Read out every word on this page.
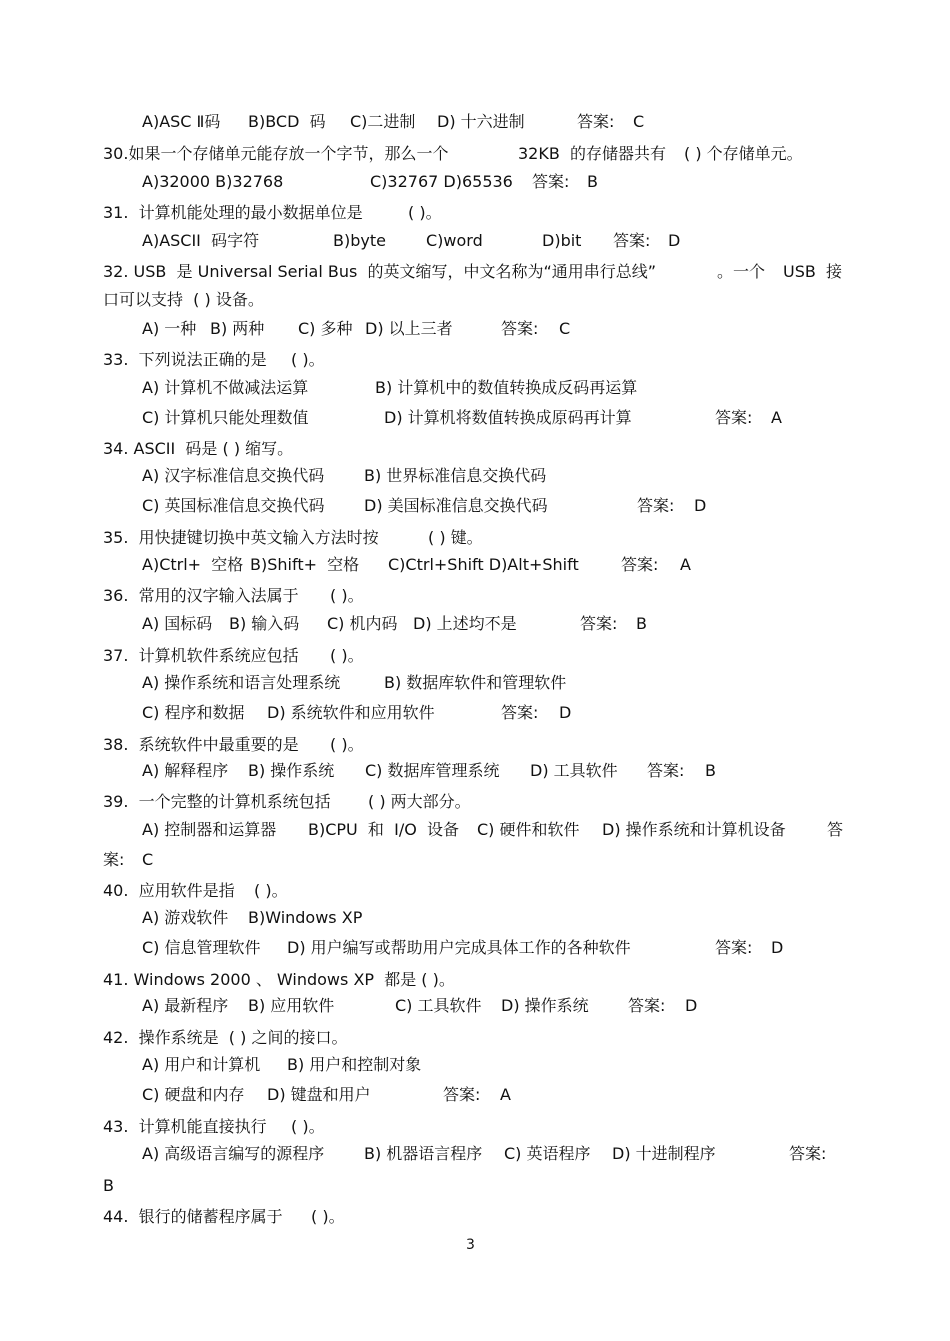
A)ASC Ⅱ码 B)BCD  码 C)二进制 D) 十六进制	答案: C
30.如果一个存储单元能存放一个字节，那么一个	32KB  的存储器共有 ( ) 个存储单元。
A)32000 B)32768	C)32767 D)65536 答案: B
31.  计算机能处理的最小数据单位是	( )。
A)ASCII  码字符	B)byte	C)word	D)bit 答案: D
32. USB  是 Universal Serial Bus  的英文缩写，中文名称为“通用串行总线”	。一个 USB  接
口可以支持  ( ) 设备。
A) 一种 B) 两种 C) 多种 D) 以上三者	答案: C
33.  下列说法正确的是 ( )。
A) 计算机不做减法运算	B) 计算机中的数值转换成反码再运算
C) 计算机只能处理数值	D) 计算机将数值转换成原码再计算	答案: A
34. ASCII  码是 ( ) 缩写。
A) 汉字标准信息交换代码 B) 世界标准信息交换代码
C) 英国标准信息交换代码 D) 美国标准信息交换代码	答案: D
35.  用快捷键切换中英文输入方法时按	( ) 键。
A)Ctrl+  空格 B)Shift+  空格 C)Ctrl+Shift D)Alt+Shift	答案: A
36.  常用的汉字输入法属于 ( )。
A) 国标码 B) 输入码 C) 机内码 D) 上述均不是	答案: B
37.  计算机软件系统应包括 ( )。
A) 操作系统和语言处理系统	B) 数据库软件和管理软件
C) 程序和数据 D) 系统软件和应用软件	答案: D
38.  系统软件中最重要的是 ( )。
A) 解释程序 B) 操作系统 C) 数据库管理系统 D) 工具软件 答案: B
39.  一个完整的计算机系统包括 ( ) 两大部分。
A) 控制器和运算器 B)CPU  和  I/O  设备 C) 硬件和软件 D) 操作系统和计算机设备	答
案: C
40.  应用软件是指 ( )。
A) 游戏软件 B)Windows XP
C) 信息管理软件 D) 用户编写或帮助用户完成具体工作的各种软件	答案: D
41. Windows 2000 、 Windows XP  都是 ( )。
A) 最新程序 B) 应用软件	C) 工具软件 D) 操作系统 答案: D
42.  操作系统是  ( ) 之间的接口。
A) 用户和计算机 B) 用户和控制对象
C) 硬盘和内存 D) 键盘和用户	答案: A
43.  计算机能直接执行 ( )。
A) 高级语言编写的源程序 B) 机器语言程序 C) 英语程序 D) 十进制程序	答案:
B
44.  银行的储蓄程序属于 ( )。
3
